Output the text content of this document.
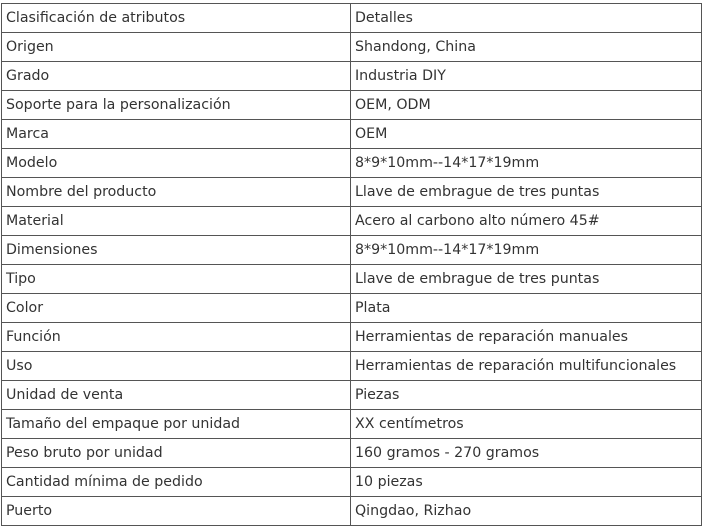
Clasificación de atributos	Detalles
Origen	Shandong, China
Grado	Industria DIY
Soporte para la personalización	OEM, ODM
Marca	OEM
Modelo	8*9*10mm--14*17*19mm
Nombre del producto	Llave de embrague de tres puntas
Material	Acero al carbono alto número 45#
Dimensiones	8*9*10mm--14*17*19mm
Tipo	Llave de embrague de tres puntas
Color	Plata
Función	Herramientas de reparación manuales
Uso	Herramientas de reparación multifuncionales
Unidad de venta	Piezas
Tamaño del empaque por unidad	XX centímetros
Peso bruto por unidad	160 gramos - 270 gramos
Cantidad mínima de pedido	10 piezas
Puerto	Qingdao, Rizhao
